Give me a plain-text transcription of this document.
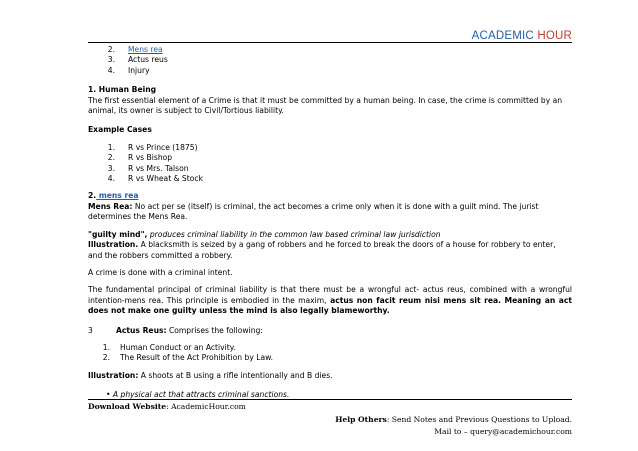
ACADEMIC HOUR
2.	Mens rea
3.	Actus reus
4.	Injury

1. Human Being

The first essential element of a Crime is that it must be committed by a human being. In case, the crime is committed by an animal, its owner is subject to Civil/Tortious liability.

Example Cases

1.	R vs Prince (1875)
2.	R vs Bishop
3.	R vs Mrs. Talson
4.	R vs Wheat & Stock

2. mens rea

Mens Rea: No act per se (itself) is criminal, the act becomes a crime only when it is done with a guilt mind. The jurist determines the Mens Rea.

"guilty mind", produces criminal liability in the common law based criminal law jurisdiction

Illustration. A blacksmith is seized by a gang of robbers and he forced to break the doors of a house for robbery to enter, and the robbers committed a robbery.

A crime is done with a criminal intent.

The fundamental principal of criminal liability is that there must be a wrongful act- actus reus, combined with a wrongful intention-mens rea. This principle is embodied in the maxim, actus non facit reum nisi mens sit rea. Meaning an act does not make one guilty unless the mind is also legally blameworthy.

3	Actus Reus: Comprises the following:
1.	Human Conduct or an Activity.
2.	The Result of the Act Prohibition by Law.

Illustration: A shoots at B using a rifle intentionally and B dies.

• A physical act that attracts criminal sanctions.

Download Website: AcademicHour.com
Help Others: Send Notes and Previous Questions to Upload.
Mail to – query@academichour.com
